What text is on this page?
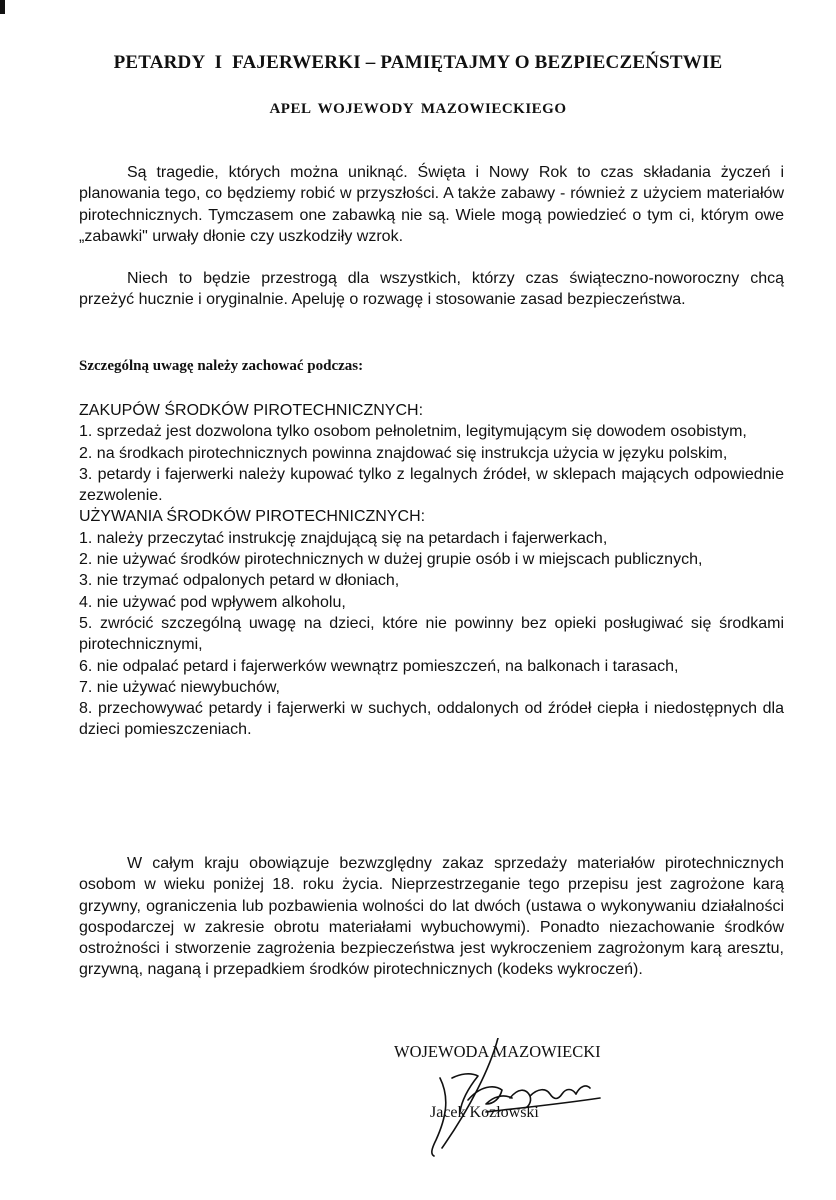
PETARDY  I  FAJERWERKI – PAMIĘTAJMY O BEZPIECZEŃSTWIE
APEL WOJEWODY MAZOWIECKIEGO

Są tragedie, których można uniknąć. Święta i Nowy Rok to czas składania życzeń i planowania tego, co będziemy robić w przyszłości. A także zabawy - również z użyciem materiałów pirotechnicznych. Tymczasem one zabawką nie są. Wiele mogą powiedzieć o tym ci, którym owe „zabawki" urwały dłonie czy uszkodziły wzrok.

Niech to będzie przestrogą dla wszystkich, którzy czas świąteczno-noworoczny chcą przeżyć hucznie i oryginalnie. Apeluję o rozwagę i stosowanie zasad bezpieczeństwa.

Szczególną uwagę należy zachować podczas:

ZAKUPÓW ŚRODKÓW PIROTECHNICZNYCH:

1. sprzedaż jest dozwolona tylko osobom pełnoletnim, legitymującym się dowodem osobistym,

2. na środkach pirotechnicznych powinna znajdować się instrukcja użycia w języku polskim,

3. petardy i fajerwerki należy kupować tylko z legalnych źródeł, w sklepach mających odpowiednie zezwolenie.

UŻYWANIA ŚRODKÓW PIROTECHNICZNYCH:

1. należy przeczytać instrukcję znajdującą się na petardach i fajerwerkach,

2. nie używać środków pirotechnicznych w dużej grupie osób i w miejscach publicznych,

3. nie trzymać odpalonych petard w dłoniach,

4. nie używać pod wpływem alkoholu,

5. zwrócić szczególną uwagę na dzieci, które nie powinny bez opieki posługiwać się środkami pirotechnicznymi,

6. nie odpalać petard i fajerwerków wewnątrz pomieszczeń, na balkonach i tarasach,

7. nie używać niewybuchów,

8. przechowywać petardy i fajerwerki w suchych, oddalonych od źródeł ciepła i niedostępnych dla dzieci pomieszczeniach.

W całym kraju obowiązuje bezwzględny zakaz sprzedaży materiałów pirotechnicznych osobom w wieku poniżej 18. roku życia. Nieprzestrzeganie tego przepisu jest zagrożone karą grzywny, ograniczenia lub pozbawienia wolności do lat dwóch (ustawa o wykonywaniu działalności gospodarczej w zakresie obrotu materiałami wybuchowymi). Ponadto niezachowanie środków ostrożności i stworzenie zagrożenia bezpieczeństwa jest wykroczeniem zagrożonym karą aresztu, grzywną, naganą i przepadkiem środków pirotechnicznych (kodeks wykroczeń).

WOJEWODA MAZOWIECKI
Jacek Kozłowski
